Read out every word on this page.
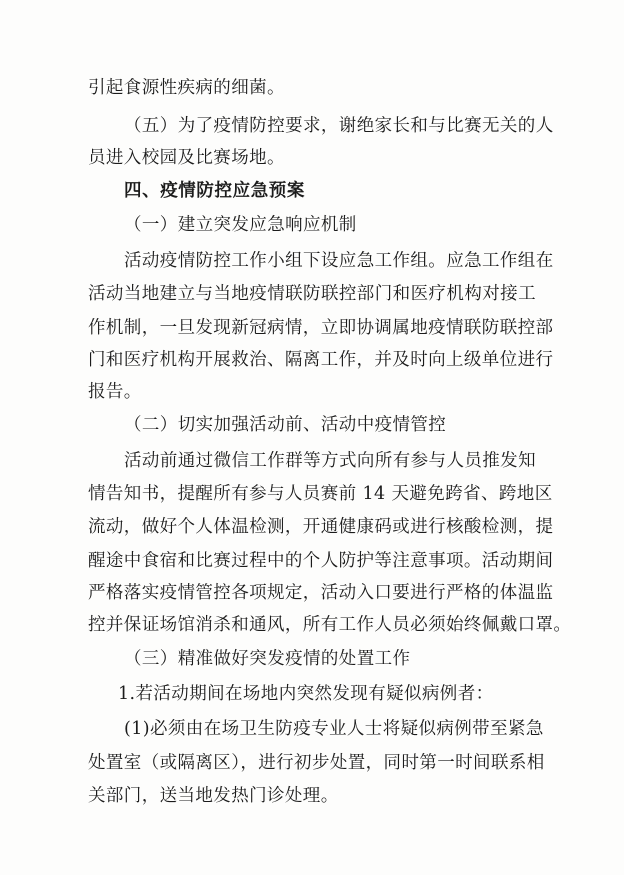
引起食源性疾病的细菌。
（五）为了疫情防控要求，谢绝家长和与比赛无关的人
员进入校园及比赛场地。
四、疫情防控应急预案
（一）建立突发应急响应机制
活动疫情防控工作小组下设应急工作组。应急工作组在
活动当地建立与当地疫情联防联控部门和医疗机构对接工
作机制，一旦发现新冠病情，立即协调属地疫情联防联控部
门和医疗机构开展救治、隔离工作，并及时向上级单位进行
报告。
（二）切实加强活动前、活动中疫情管控
活动前通过微信工作群等方式向所有参与人员推发知
情告知书，提醒所有参与人员赛前 14 天避免跨省、跨地区
流动，做好个人体温检测，开通健康码或进行核酸检测，提
醒途中食宿和比赛过程中的个人防护等注意事项。活动期间
严格落实疫情管控各项规定，活动入口要进行严格的体温监
控并保证场馆消杀和通风，所有工作人员必须始终佩戴口罩。
（三）精准做好突发疫情的处置工作
1.若活动期间在场地内突然发现有疑似病例者：
(1)必须由在场卫生防疫专业人士将疑似病例带至紧急
处置室（或隔离区），进行初步处置，同时第一时间联系相
关部门，送当地发热门诊处理。
